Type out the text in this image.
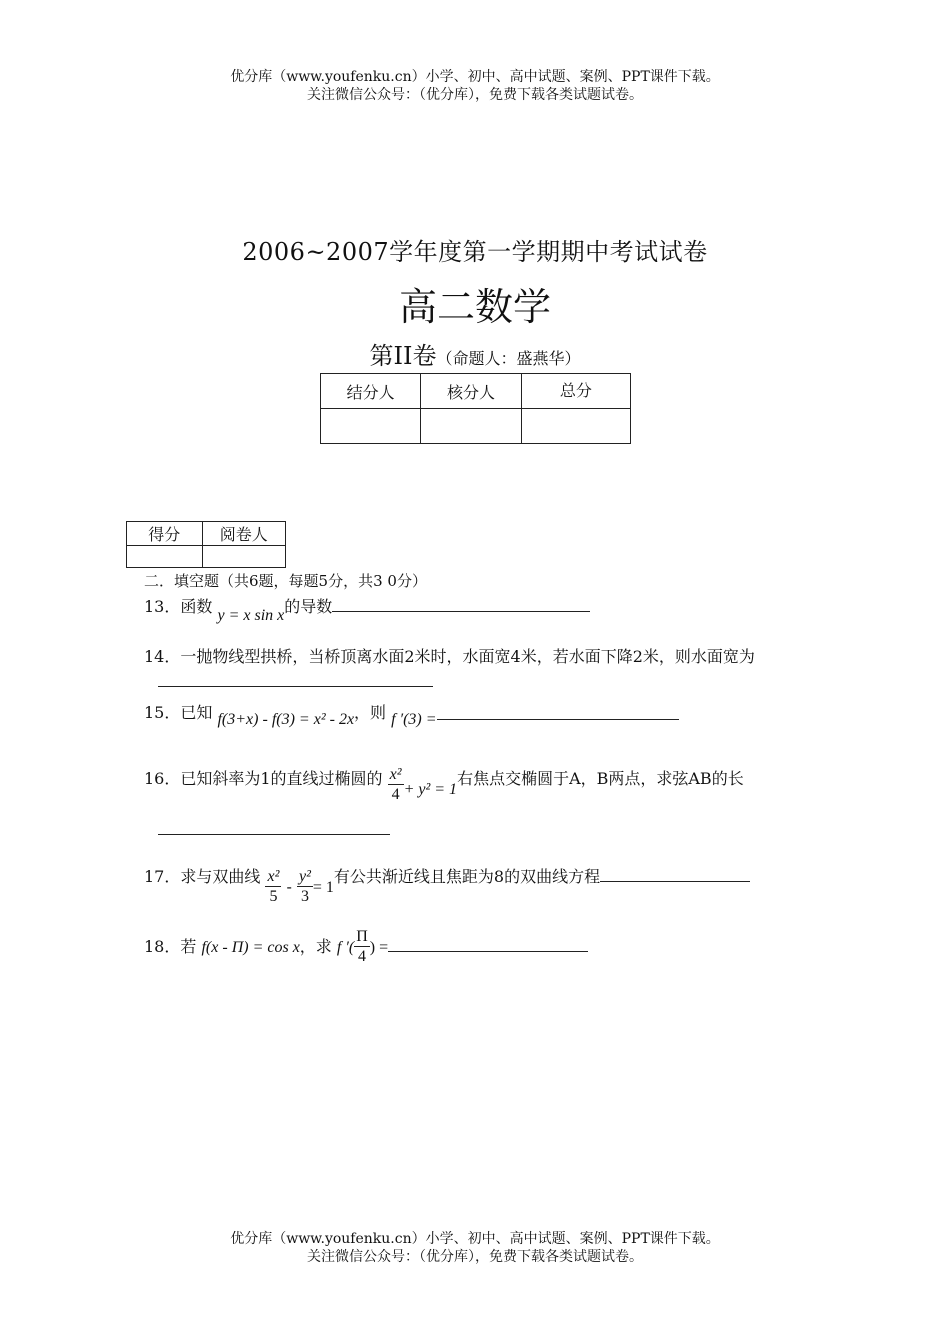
优分库（www.youfenku.cn）小学、初中、高中试题、案例、PPT课件下载。
关注微信公众号：（优分库），免费下载各类试题试卷。
2006~2007学年度第一学期期中考试试卷
高二数学
第II卷（命题人：盛燕华）
结分人	核分人	总分

得分	阅卷人

二．填空题（共6题，每题5分，共3 0分）
13．函数 y = x sin x的导数
14．一抛物线型拱桥，当桥顶离水面2米时，水面宽4米，若水面下降2米，则水面宽为
15．已知 f(3+x) - f(3) = x² - 2x，则 f ′(3) =
16．已知斜率为1的直线过椭圆的 $\frac{\text{x²}}{4} + y^2 = 1$右焦点交椭圆于A，B两点，求弦AB的长
17．求与双曲线 $\frac{\text{x²}}{5} - \frac{\text{y²}}{3} = 1$有公共渐近线且焦距为8的双曲线方程
18．若 f(x - Π) = cos x，求 f ′( $\frac{\Pi}{4}$ ) =
优分库（www.youfenku.cn）小学、初中、高中试题、案例、PPT课件下载。
关注微信公众号：（优分库），免费下载各类试题试卷。
